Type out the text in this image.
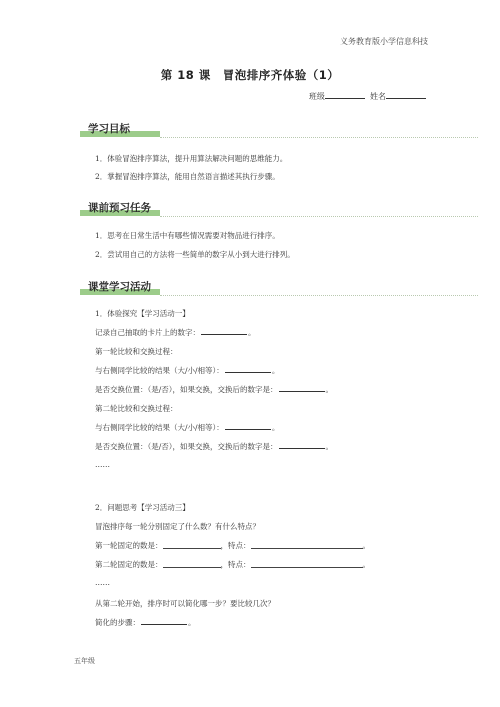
义务教育版小学信息科技
第 18 课　冒泡排序齐体验（1）
班级	姓名
学习目标
1．体验冒泡排序算法，提升用算法解决问题的思维能力。
2．掌握冒泡排序算法，能用自然语言描述其执行步骤。
课前预习任务
1．思考在日常生活中有哪些情况需要对物品进行排序。
2．尝试用自己的方法将一些简单的数字从小到大进行排列。
课堂学习活动
1．体验探究【学习活动一】
记录自己抽取的卡片上的数字：	。
第一轮比较和交换过程：
与右侧同学比较的结果（大/小/相等）：	。
是否交换位置：（是/否），如果交换，交换后的数字是：	。
第二轮比较和交换过程：
与右侧同学比较的结果（大/小/相等）：	。
是否交换位置：（是/否），如果交换，交换后的数字是：	。
……
2．问题思考【学习活动三】
冒泡排序每一轮分别固定了什么数？有什么特点？
第一轮固定的数是：	，特点：	。
第二轮固定的数是：	，特点：	。
……
从第二轮开始，排序时可以简化哪一步？要比较几次？
简化的步骤：	。
五年级
